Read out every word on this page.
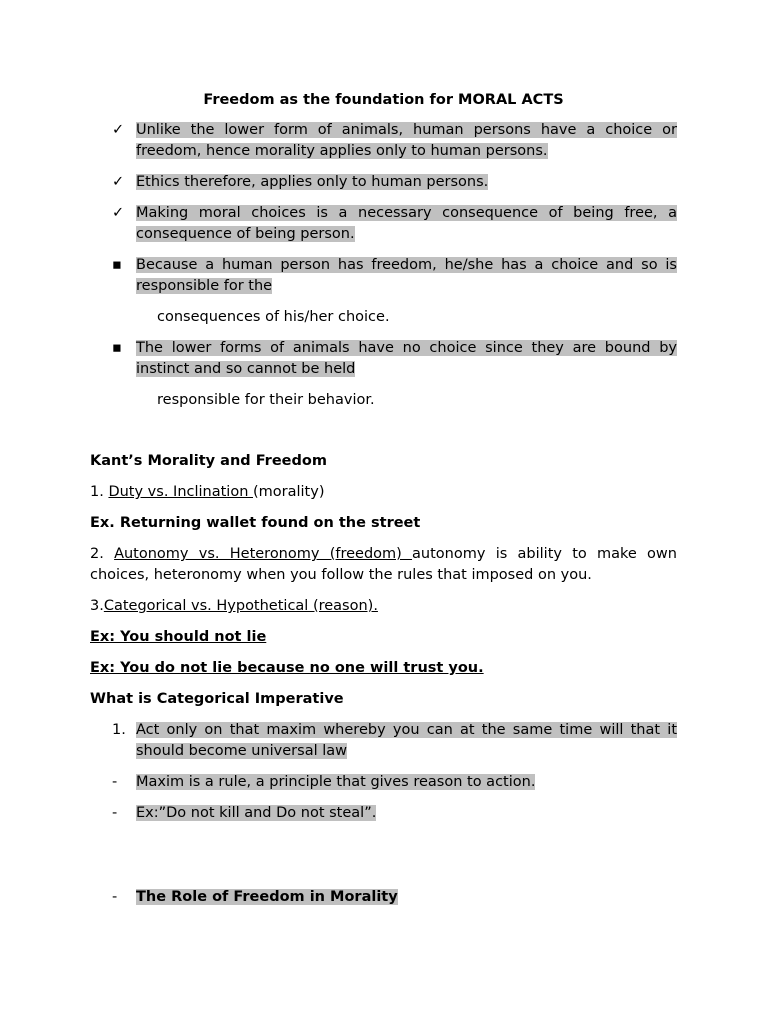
Freedom as the foundation for MORAL ACTS
✓ Unlike the lower form of animals, human persons have a choice or freedom, hence morality applies only to human persons.
✓ Ethics therefore, applies only to human persons.
✓ Making moral choices is a necessary consequence of being free, a consequence of being person.
▪ Because a human person has freedom, he/she has a choice and so is responsible for the
consequences of his/her choice.
▪ The lower forms of animals have no choice since they are bound by instinct and so cannot be held
responsible for their behavior.
Kant’s Morality and Freedom
1. Duty vs. Inclination (morality)
Ex. Returning wallet found on the street
2. Autonomy vs. Heteronomy (freedom) autonomy is ability to make own choices, heteronomy when you follow the rules that imposed on you.
3.Categorical vs. Hypothetical (reason).
Ex: You should not lie
Ex: You do not lie because no one will trust you.
What is Categorical Imperative
1. Act only on that maxim whereby you can at the same time will that it should become universal law
-	Maxim is a rule, a principle that gives reason to action.
-	Ex:”Do not kill and Do not steal”.
-	The Role of Freedom in Morality
